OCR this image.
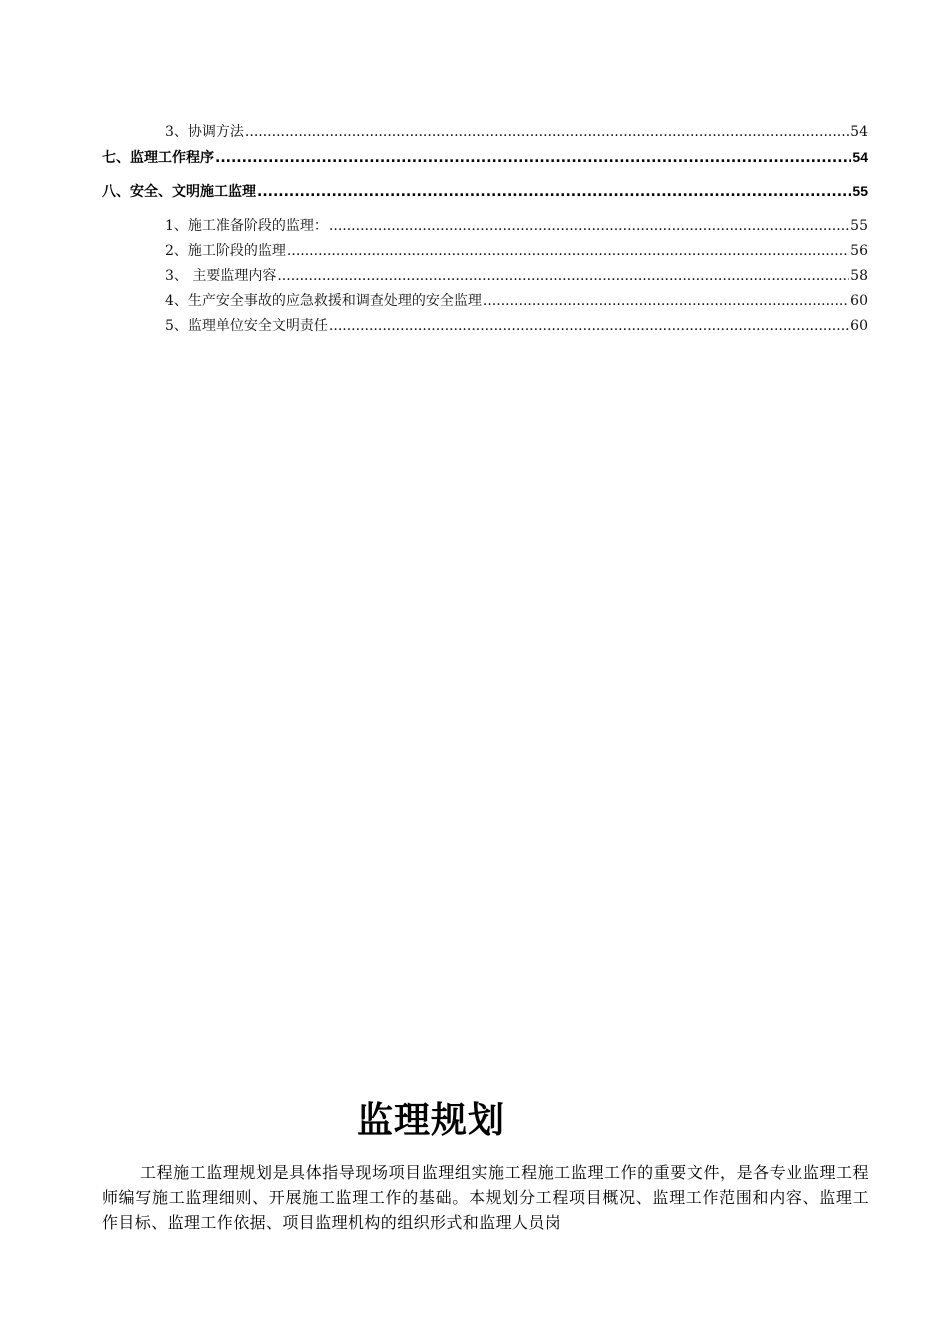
3、协调方法 .....	54
七、监理工作程序 .....	54
八、安全、文明施工监理 .....	55
1、施工准备阶段的监理： .....	55
2、施工阶段的监理 .....	56
3、 主要监理内容 .....	58
4、生产安全事故的应急救援和调查处理的安全监理 .....	60
5、监理单位安全文明责任 .....	60
监理规划
工程施工监理规划是具体指导现场项目监理组实施工程施工监理工作的重要文件，是各专业监理工程师编写施工监理细则、开展施工监理工作的基础。本规划分工程项目概况、监理工作范围和内容、监理工作目标、监理工作依据、项目监理机构的组织形式和监理人员岗
